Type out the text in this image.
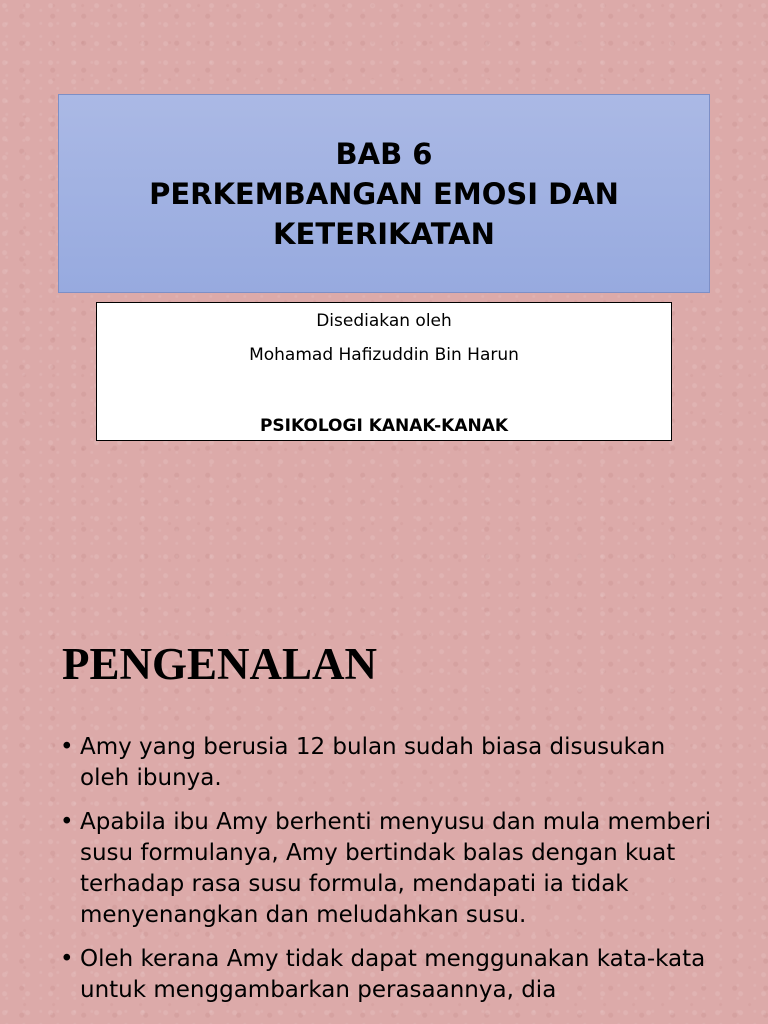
BAB 6
PERKEMBANGAN EMOSI DAN
KETERIKATAN
Disediakan oleh
Mohamad Hafizuddin Bin Harun
PSIKOLOGI KANAK-KANAK
PENGENALAN
• Amy yang berusia 12 bulan sudah biasa disusukan oleh ibunya.
• Apabila ibu Amy berhenti menyusu dan mula memberi susu formulanya, Amy bertindak balas dengan kuat terhadap rasa susu formula, mendapati ia tidak menyenangkan dan meludahkan susu.
• Oleh kerana Amy tidak dapat menggunakan kata-kata untuk menggambarkan perasaannya, dia
